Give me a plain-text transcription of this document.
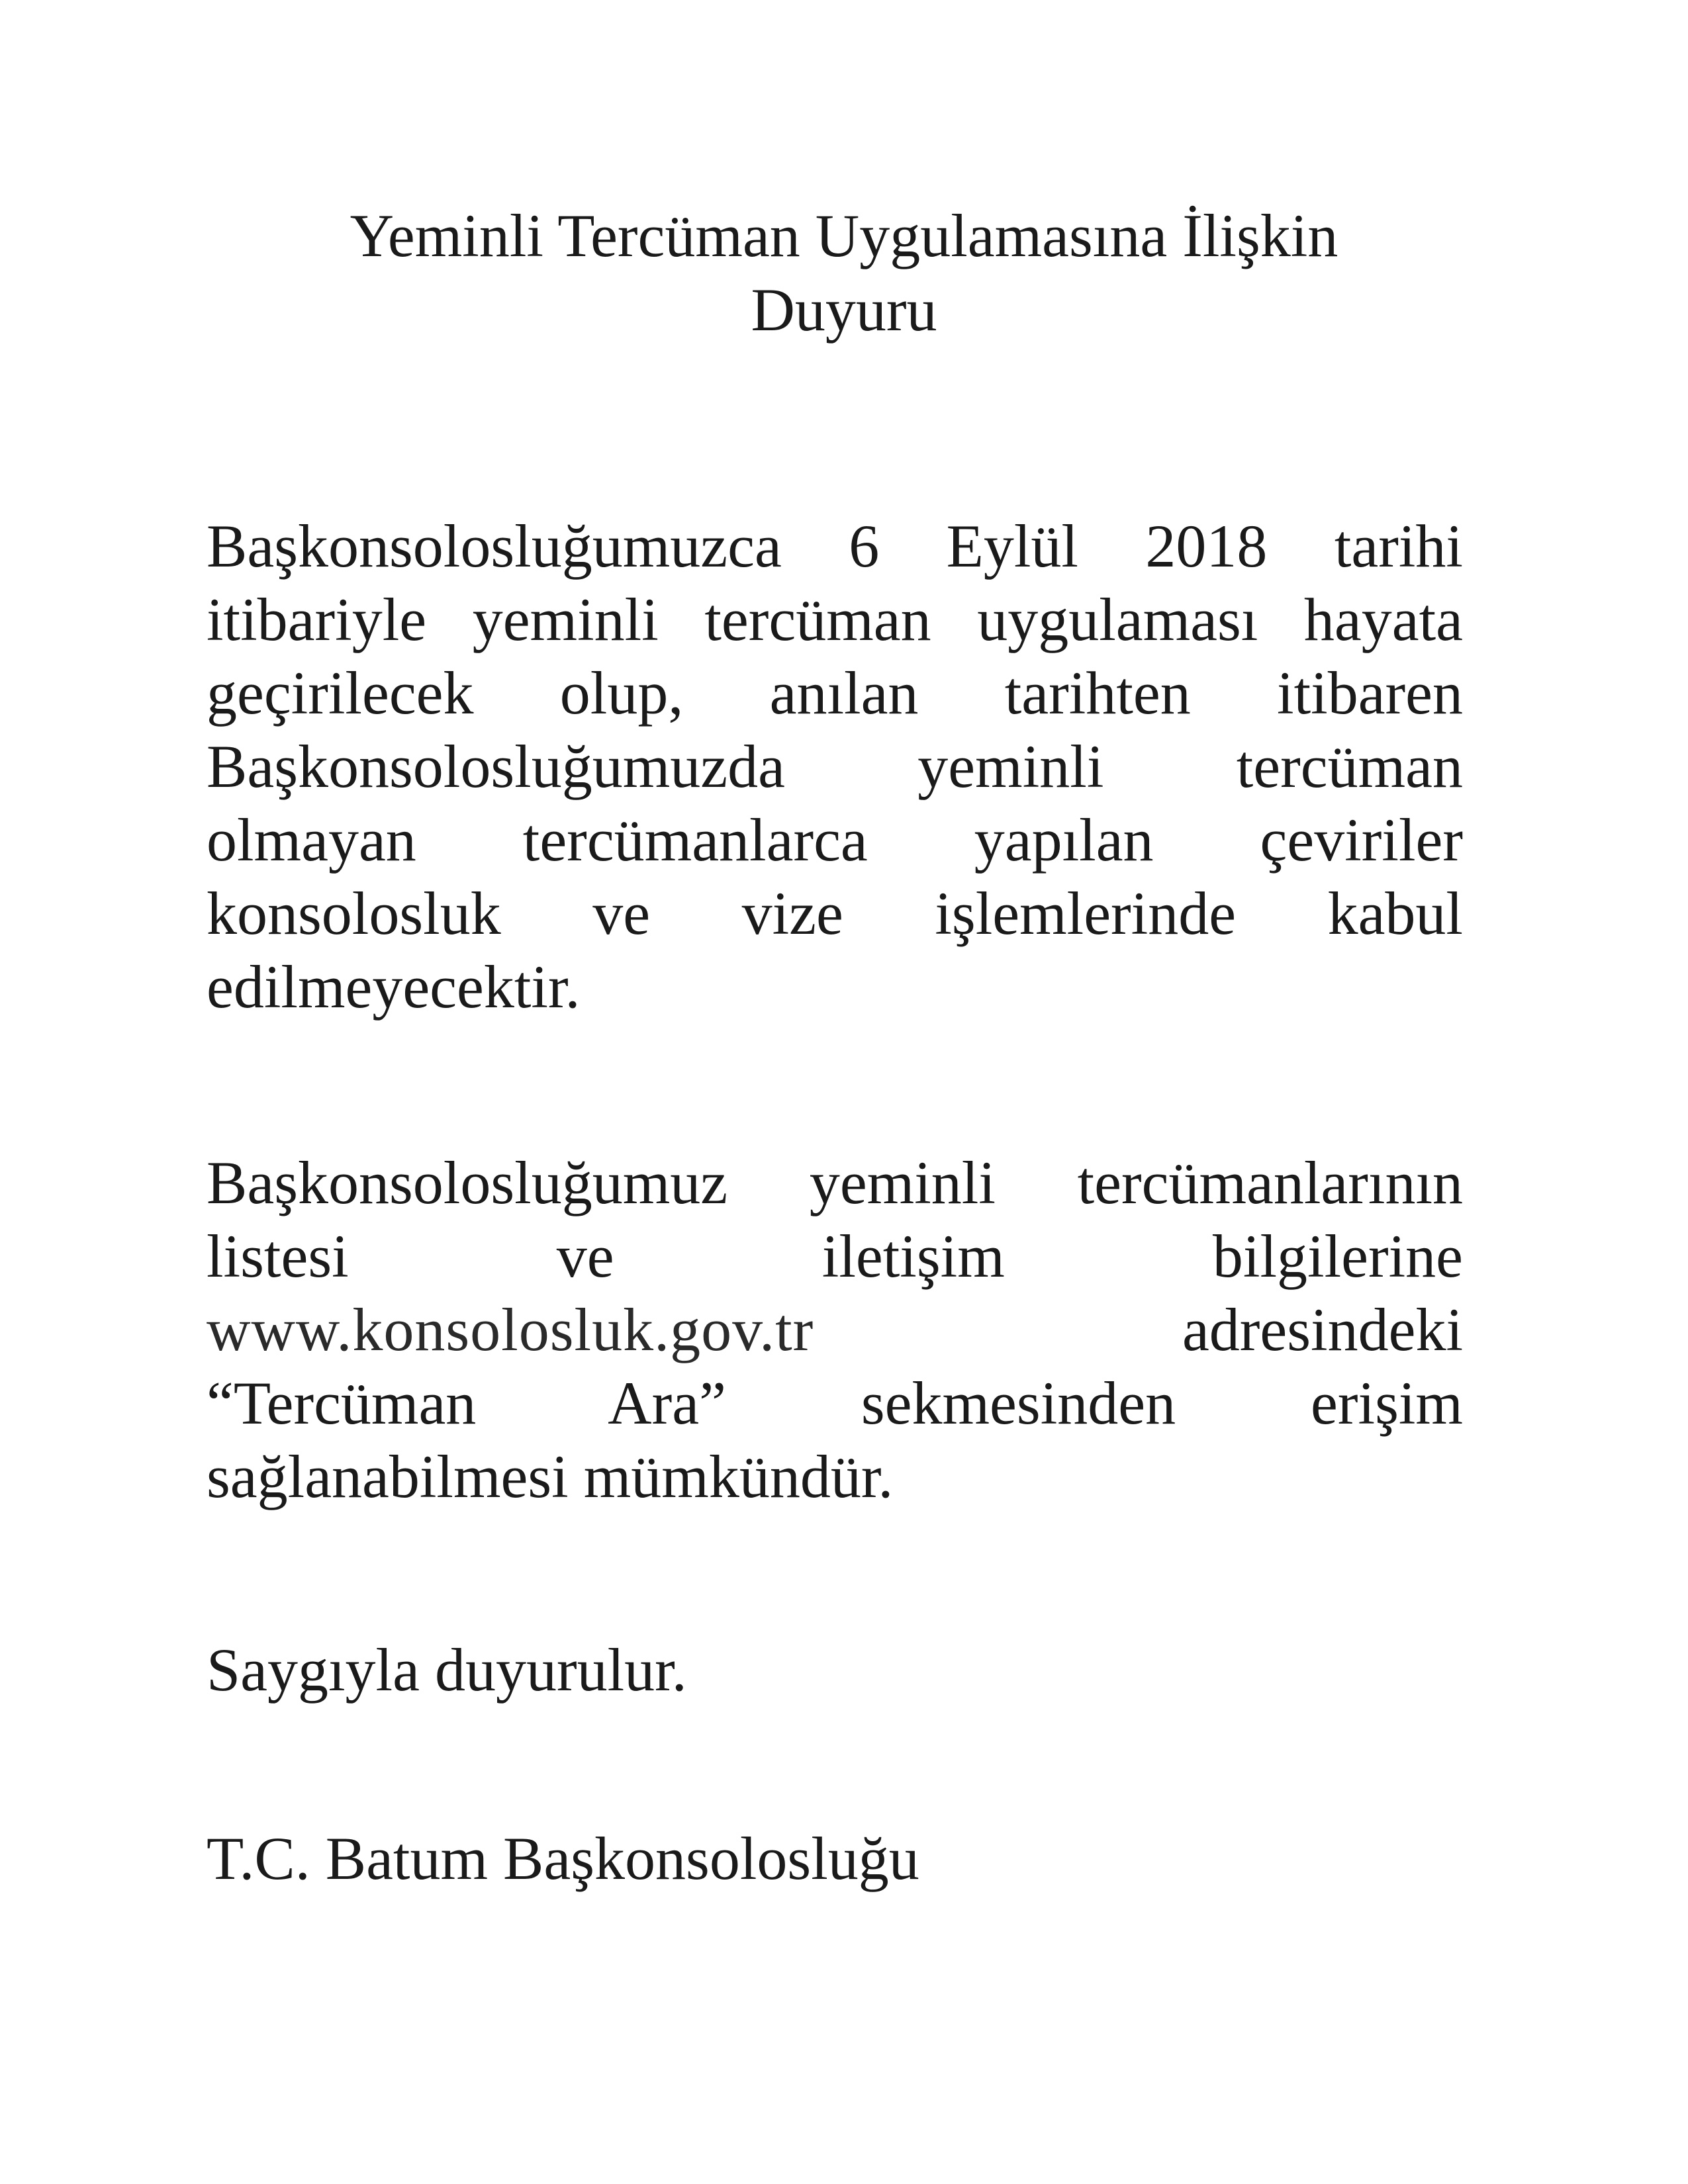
Yeminli Tercüman Uygulamasına İlişkin

Duyuru

Başkonsolosluğumuzca 6 Eylül 2018 tarihi
itibariyle yeminli tercüman uygulaması hayata
geçirilecek olup, anılan tarihten itibaren
Başkonsolosluğumuzda yeminli tercüman
olmayan tercümanlarca yapılan çeviriler
konsolosluk ve vize işlemlerinde kabul
edilmeyecektir.

Başkonsolosluğumuz yeminli tercümanlarının
listesi ve iletişim bilgilerine
www.konsolosluk.gov.tr	adresindeki
“Tercüman Ara” sekmesinden erişim
sağlanabilmesi mümkündür.

Saygıyla duyurulur.

T.C. Batum Başkonsolosluğu
